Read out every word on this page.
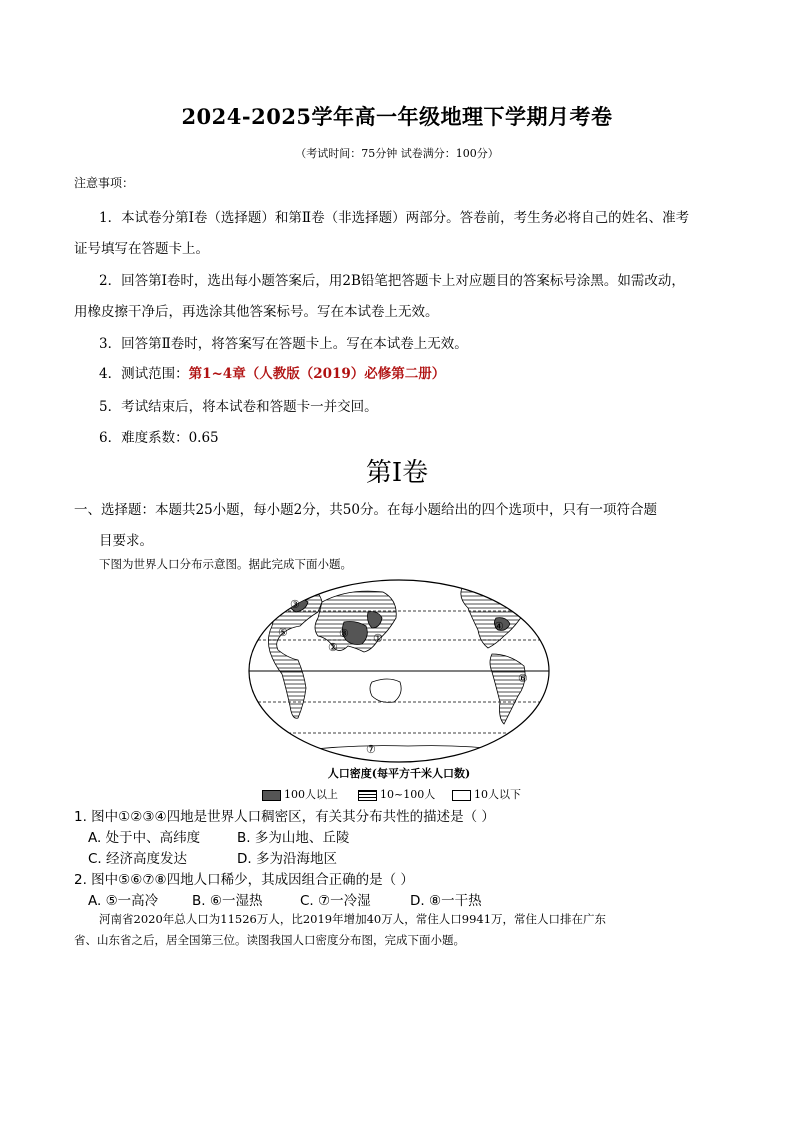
2024-2025学年高一年级地理下学期月考卷
（考试时间：75分钟 试卷满分：100分）
注意事项：
1．本试卷分第Ⅰ卷（选择题）和第Ⅱ卷（非选择题）两部分。答卷前，考生务必将自己的姓名、准考
证号填写在答题卡上。
2．回答第Ⅰ卷时，选出每小题答案后，用2B铅笔把答题卡上对应题目的答案标号涂黑。如需改动，
用橡皮擦干净后，再选涂其他答案标号。写在本试卷上无效。
3．回答第Ⅱ卷时，将答案写在答题卡上。写在本试卷上无效。
4．测试范围：第1~4章（人教版（2019）必修第二册）
5．考试结束后，将本试卷和答题卡一并交回。
6．难度系数：0.65
第Ⅰ卷
一、选择题：本题共25小题，每小题2分，共50分。在每小题给出的四个选项中，只有一项符合题
目要求。
下图为世界人口分布示意图。据此完成下面小题。
③
⑤	⑧ ①
②
④
⑥
⑦
人口密度(每平方千米人口数)
100人以上	10~100人	10人以下
1. 图中①②③④四地是世界人口稠密区，有关其分布共性的描述是（ ）
A. 处于中、高纬度	B. 多为山地、丘陵
C. 经济高度发达	D. 多为沿海地区
2. 图中⑤⑥⑦⑧四地人口稀少，其成因组合正确的是（ ）
A. ⑤一高冷	B. ⑥一湿热	C. ⑦一冷湿	D. ⑧一干热
河南省2020年总人口为11526万人，比2019年增加40万人，常住人口9941万，常住人口排在广东
省、山东省之后，居全国第三位。读图我国人口密度分布图，完成下面小题。
